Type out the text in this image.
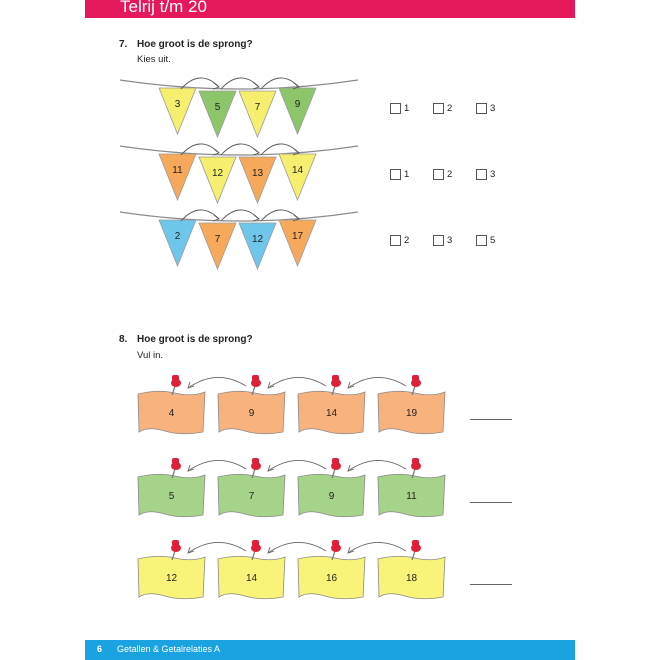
Telrij t/m 20
7. Hoe groot is de sprong?
Kies uit.
3	5	7	9
11	12	13	14
2	7	12	17
1	2	3
1	2	3
2	3	5
8. Hoe groot is de sprong?
Vul in.
4	9	14	19
5	7	9	11
12	14	16	18
6 Getallen & Getalrelaties A
